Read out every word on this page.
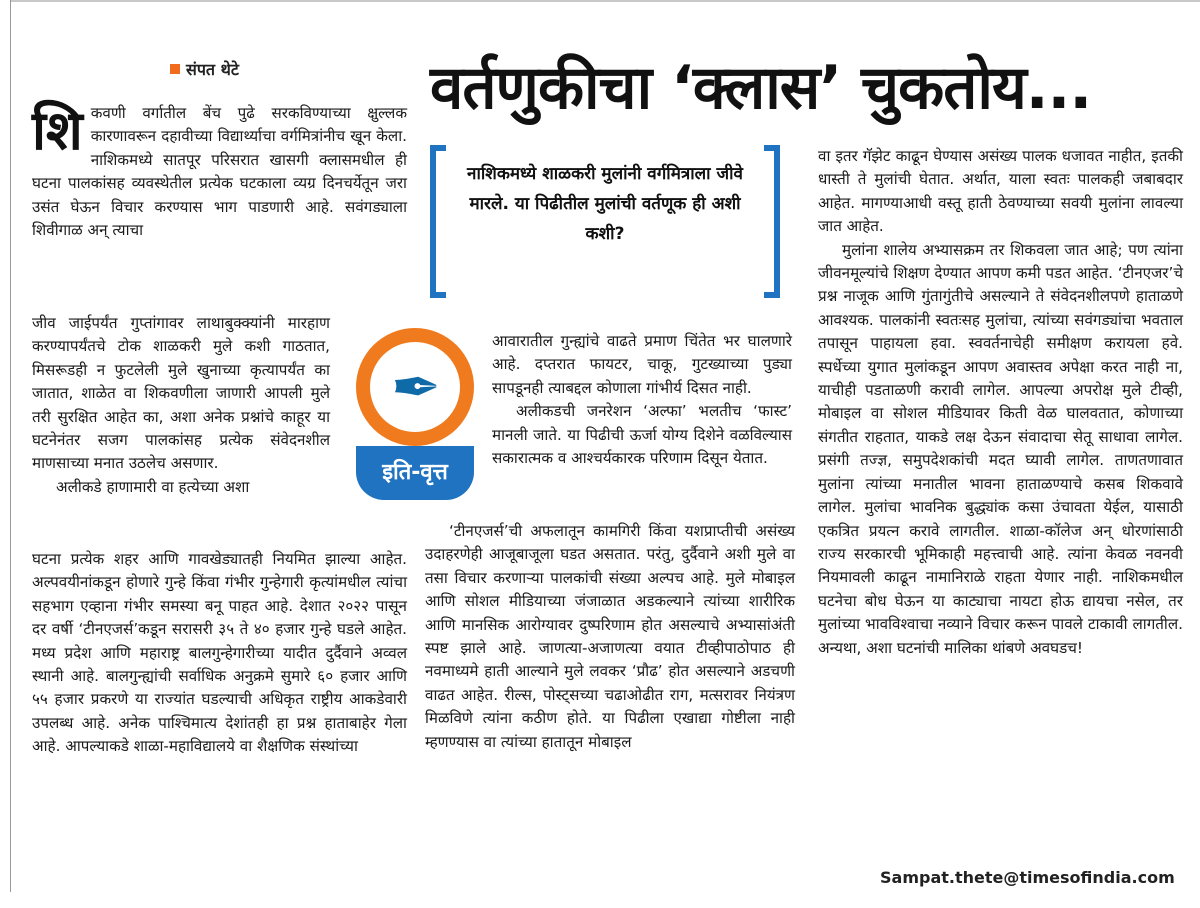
संपत थेटे	वर्तणुकीचा ‘क्लास’ चुकतोय...
शि कवणी वर्गातील बेंच पुढे सरकविण्याच्या क्षुल्लक कारणावरून दहावीच्या विद्यार्थ्याचा वर्गमित्रांनीच खून केला. नाशिकमध्ये सातपूर परिसरात खासगी क्लासमधील ही घटना पालकांसह व्यवस्थेतील प्रत्येक घटकाला व्यग्र दिनचर्येतून जरा उसंत घेऊन विचार करण्यास भाग पाडणारी आहे. सवंगड्याला शिवीगाळ अन् त्याचा

जीव जाईपर्यंत गुप्तांगावर लाथाबुक्क्यांनी मारहाण करण्यापर्यंतचे टोक शाळकरी मुले कशी गाठतात, मिसरूडही न फुटलेली मुले खुनाच्या कृत्यापर्यंत का जातात, शाळेत वा शिकवणीला जाणारी आपली मुले तरी सुरक्षित आहेत का, अशा अनेक प्रश्नांचे काहूर या घटनेनंतर सजग पालकांसह प्रत्येक संवेदनशील माणसाच्या मनात उठलेच असणार.

अलीकडे हाणामारी वा हत्येच्या अशा

घटना प्रत्येक शहर आणि गावखेड्यातही नियमित झाल्या आहेत. अल्पवयीनांकडून होणारे गुन्हे किंवा गंभीर गुन्हेगारी कृत्यांमधील त्यांचा सहभाग एव्हाना गंभीर समस्या बनू पाहत आहे. देशात २०२२ पासून दर वर्षी ‘टीनएजर्स’कडून सरासरी ३५ ते ४० हजार गुन्हे घडले आहेत. मध्य प्रदेश आणि महाराष्ट्र बालगुन्हेगारीच्या यादीत दुर्दैवाने अव्वल स्थानी आहे. बालगुन्ह्यांची सर्वाधिक अनुक्रमे सुमारे ६० हजार आणि ५५ हजार प्रकरणे या राज्यांत घडल्याची अधिकृत राष्ट्रीय आकडेवारी उपलब्ध आहे. अनेक पाश्चिमात्य देशांतही हा प्रश्न हाताबाहेर गेला आहे. आपल्याकडे शाळा-महाविद्यालये वा शैक्षणिक संस्थांच्या

✒
इति-वृत्त
नाशिकमध्ये शाळकरी मुलांनी वर्गमित्राला जीवे मारले. या पिढीतील मुलांची वर्तणूक ही अशी कशी?

आवारातील गुन्ह्यांचे वाढते प्रमाण चिंतेत भर घालणारे आहे. दप्तरात फायटर, चाकू, गुटख्याच्या पुड्या सापडूनही त्याबद्दल कोणाला गांभीर्य दिसत नाही.

अलीकडची जनरेशन ‘अल्फा’ भलतीच ‘फास्ट’ मानली जाते. या पिढीची ऊर्जा योग्य दिशेने वळविल्यास सकारात्मक व आश्चर्यकारक परिणाम दिसून येतात.

‘टीनएजर्स’ची अफलातून कामगिरी किंवा यशप्राप्तीची असंख्य उदाहरणेही आजूबाजूला घडत असतात. परंतु, दुर्दैवाने अशी मुले वा तसा विचार करणाऱ्या पालकांची संख्या अल्पच आहे. मुले मोबाइल आणि सोशल मीडियाच्या जंजाळात अडकल्याने त्यांच्या शारीरिक आणि मानसिक आरोग्यावर दुष्परिणाम होत असल्याचे अभ्यासांअंती स्पष्ट झाले आहे. जाणत्या-अजाणत्या वयात टीव्हीपाठोपाठ ही नवमाध्यमे हाती आल्याने मुले लवकर ‘प्रौढ’ होत असल्याने अडचणी वाढत आहेत. रील्स, पोस्ट्सच्या चढाओढीत राग, मत्सरावर नियंत्रण मिळविणे त्यांना कठीण होते. या पिढीला एखाद्या गोष्टीला नाही म्हणण्यास वा त्यांच्या हातातून मोबाइल

वा इतर गॅझेट काढून घेण्यास असंख्य पालक धजावत नाहीत, इतकी धास्ती ते मुलांची घेतात. अर्थात, याला स्वतः पालकही जबाबदार आहेत. मागण्याआधी वस्तू हाती ठेवण्याच्या सवयी मुलांना लावल्या जात आहेत.

मुलांना शालेय अभ्यासक्रम तर शिकवला जात आहे; पण त्यांना जीवनमूल्यांचे शिक्षण देण्यात आपण कमी पडत आहेत. ‘टीनएजर’चे प्रश्न नाजूक आणि गुंतागुंतीचे असल्याने ते संवेदनशीलपणे हाताळणे आवश्यक. पालकांनी स्वतःसह मुलांचा, त्यांच्या सवंगड्यांचा भवताल तपासून पाहायला हवा. स्ववर्तनाचेही समीक्षण करायला हवे. स्पर्धेच्या युगात मुलांकडून आपण अवास्तव अपेक्षा करत नाही ना, याचीही पडताळणी करावी लागेल. आपल्या अपरोक्ष मुले टीव्ही, मोबाइल वा सोशल मीडियावर किती वेळ घालवतात, कोणाच्या संगतीत राहतात, याकडे लक्ष देऊन संवादाचा सेतू साधावा लागेल. प्रसंगी तज्ज्ञ, समुपदेशकांची मदत घ्यावी लागेल. ताणतणावात मुलांना त्यांच्या मनातील भावना हाताळण्याचे कसब शिकवावे लागेल. मुलांचा भावनिक बुद्ध्यांक कसा उंचावता येईल, यासाठी एकत्रित प्रयत्न करावे लागतील. शाळा-कॉलेज अन् धोरणांसाठी राज्य सरकारची भूमिकाही महत्त्वाची आहे. त्यांना केवळ नवनवी नियमावली काढून नामानिराळे राहता येणार नाही. नाशिकमधील घटनेचा बोध घेऊन या काट्याचा नायटा होऊ द्यायचा नसेल, तर मुलांच्या भावविश्वाचा नव्याने विचार करून पावले टाकावी लागतील. अन्यथा, अशा घटनांची मालिका थांबणे अवघडच!

Sampat.thete@timesofindia.com
